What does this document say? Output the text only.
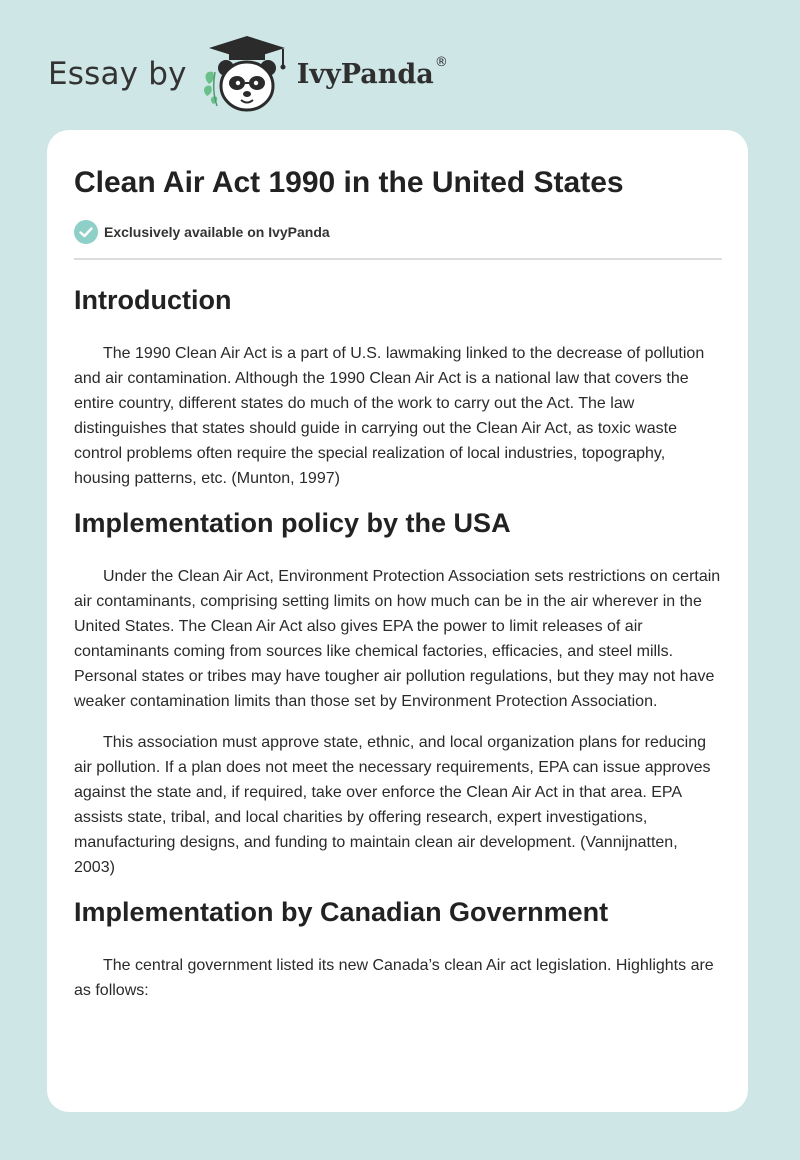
Essay by	IvyPanda ®
Clean Air Act 1990 in the United States
Exclusively available on IvyPanda
Introduction

The 1990 Clean Air Act is a part of U.S. lawmaking linked to the decrease of pollution and air contamination. Although the 1990 Clean Air Act is a national law that covers the entire country, different states do much of the work to carry out the Act. The law distinguishes that states should guide in carrying out the Clean Air Act, as toxic waste control problems often require the special realization of local industries, topography, housing patterns, etc. (Munton, 1997)

Implementation policy by the USA

Under the Clean Air Act, Environment Protection Association sets restrictions on certain air contaminants, comprising setting limits on how much can be in the air wherever in the United States. The Clean Air Act also gives EPA the power to limit releases of air contaminants coming from sources like chemical factories, efficacies, and steel mills. Personal states or tribes may have tougher air pollution regulations, but they may not have weaker contamination limits than those set by Environment Protection Association.

This association must approve state, ethnic, and local organization plans for reducing air pollution. If a plan does not meet the necessary requirements, EPA can issue approves against the state and, if required, take over enforce the Clean Air Act in that area. EPA assists state, tribal, and local charities by offering research, expert investigations, manufacturing designs, and funding to maintain clean air development. (Vannijnatten, 2003)

Implementation by Canadian Government

The central government listed its new Canada’s clean Air act legislation. Highlights are as follows:
